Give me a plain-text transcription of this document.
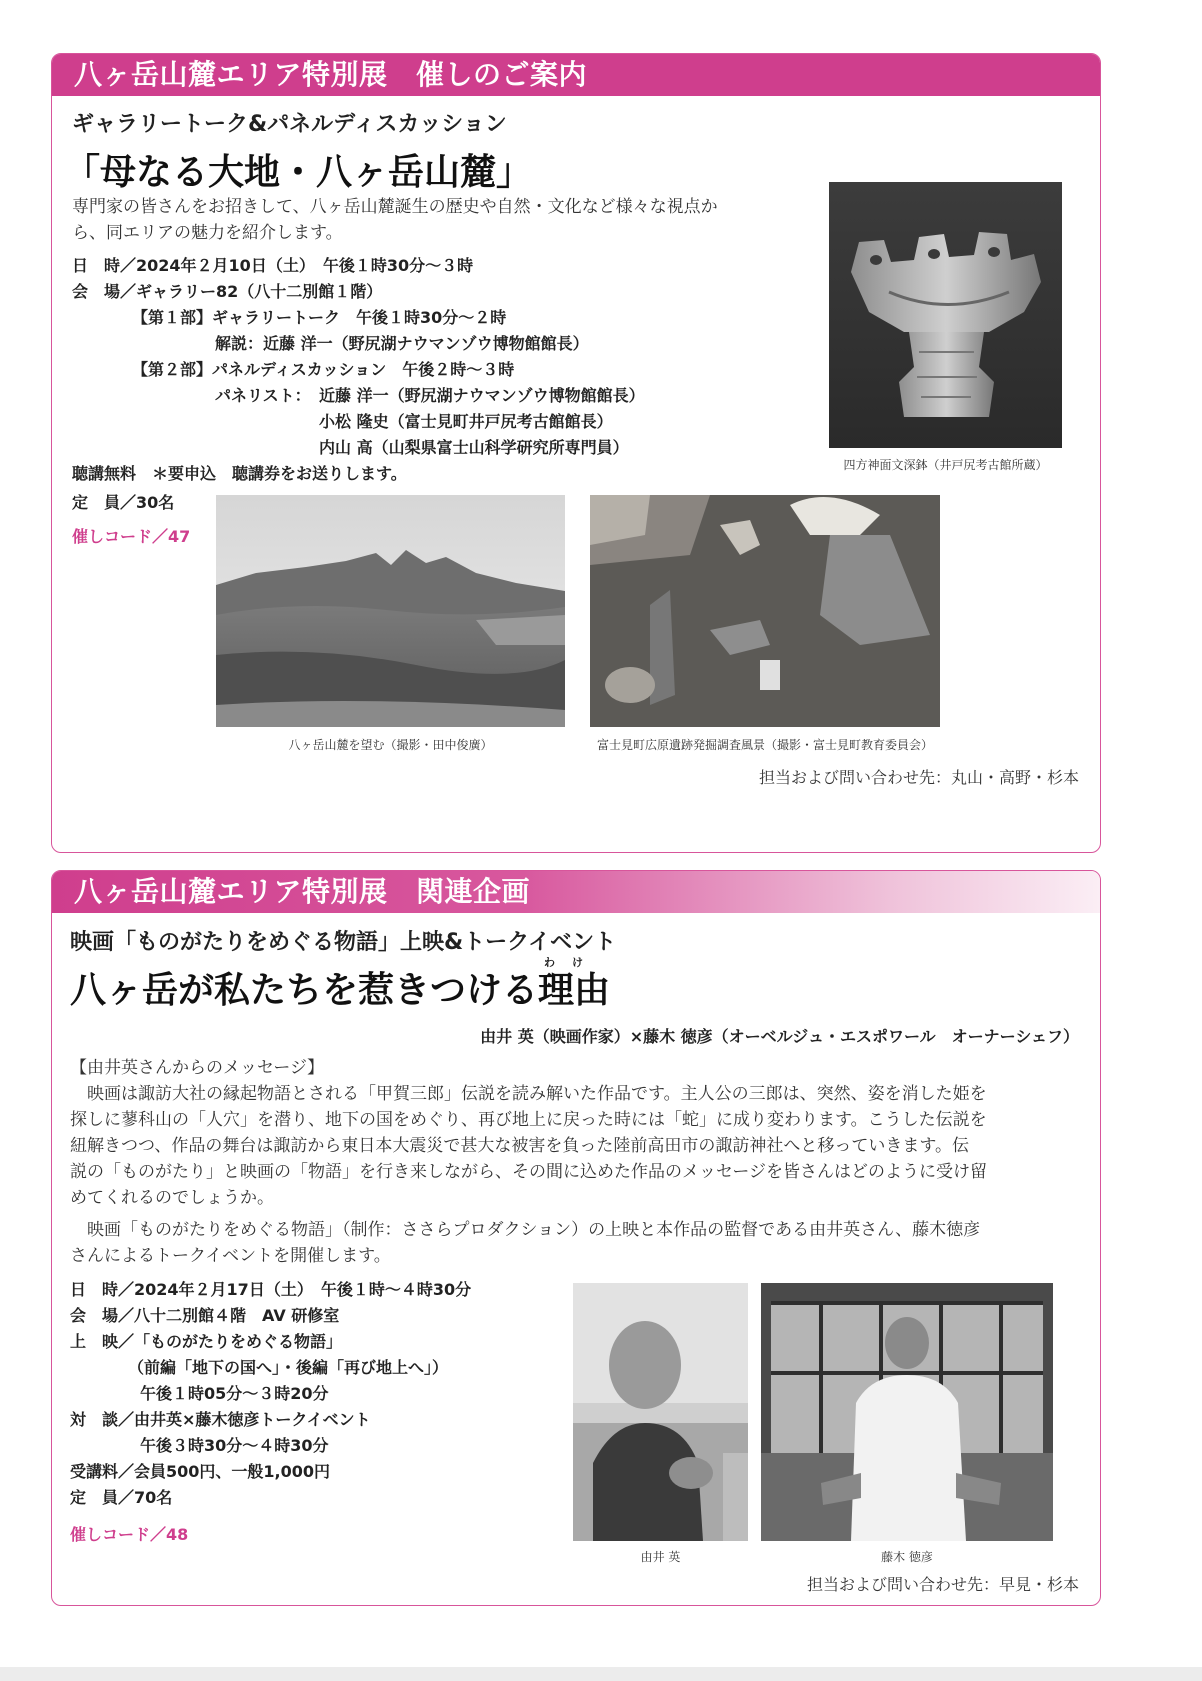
八ヶ岳山麓エリア特別展　催しのご案内
ギャラリートーク&パネルディスカッション
「母なる大地・八ヶ岳山麓」
専門家の皆さんをお招きして、八ヶ岳山麓誕生の歴史や自然・文化など様々な視点か
ら、同エリアの魅力を紹介します。
日　時／2024年２月10日（土）　午後１時30分～３時
会　場／ギャラリー82（八十二別館１階）
【第１部】ギャラリートーク　午後１時30分～２時
解説：近藤 洋一（野尻湖ナウマンゾウ博物館館長）
【第２部】パネルディスカッション　午後２時～３時
パネリスト： 近藤 洋一（野尻湖ナウマンゾウ博物館館長）
小松 隆史（富士見町井戸尻考古館館長）
内山 高（山梨県富士山科学研究所専門員）
聴講無料　＊要申込　聴講券をお送りします。
定　員／30名
催しコード／47
四方神面文深鉢（井戸尻考古館所蔵）
八ヶ岳山麓を望む（撮影・田中俊廣）	富士見町広原遺跡発掘調査風景（撮影・富士見町教育委員会）
担当および問い合わせ先：丸山・高野・杉本
八ヶ岳山麓エリア特別展　関連企画
映画「ものがたりをめぐる物語」上映&トークイベント
わ け
八ヶ岳が私たちを惹きつける理由
由井 英（映画作家）×藤木 徳彦（オーベルジュ・エスポワール　オーナーシェフ）
【由井英さんからのメッセージ】
　映画は諏訪大社の縁起物語とされる「甲賀三郎」伝説を読み解いた作品です。主人公の三郎は、突然、姿を消した姫を
探しに蓼科山の「人穴」を潜り、地下の国をめぐり、再び地上に戻った時には「蛇」に成り変わります。こうした伝説を
紐解きつつ、作品の舞台は諏訪から東日本大震災で甚大な被害を負った陸前高田市の諏訪神社へと移っていきます。伝
説の「ものがたり」と映画の「物語」を行き来しながら、その間に込めた作品のメッセージを皆さんはどのように受け留
めてくれるのでしょうか。
　映画「ものがたりをめぐる物語」（制作：ささらプロダクション）の上映と本作品の監督である由井英さん、藤木徳彦
さんによるトークイベントを開催します。
日　時／2024年２月17日（土）　午後１時～４時30分
会　場／八十二別館４階　AV 研修室
上　映／「ものがたりをめぐる物語」
（前編「地下の国へ」・後編「再び地上へ」）
午後１時05分～３時20分
対　談／由井英×藤木徳彦トークイベント
午後３時30分～４時30分
受講料／会員500円、一般1,000円
定　員／70名
催しコード／48
由井 英	藤木 徳彦
担当および問い合わせ先：早見・杉本
